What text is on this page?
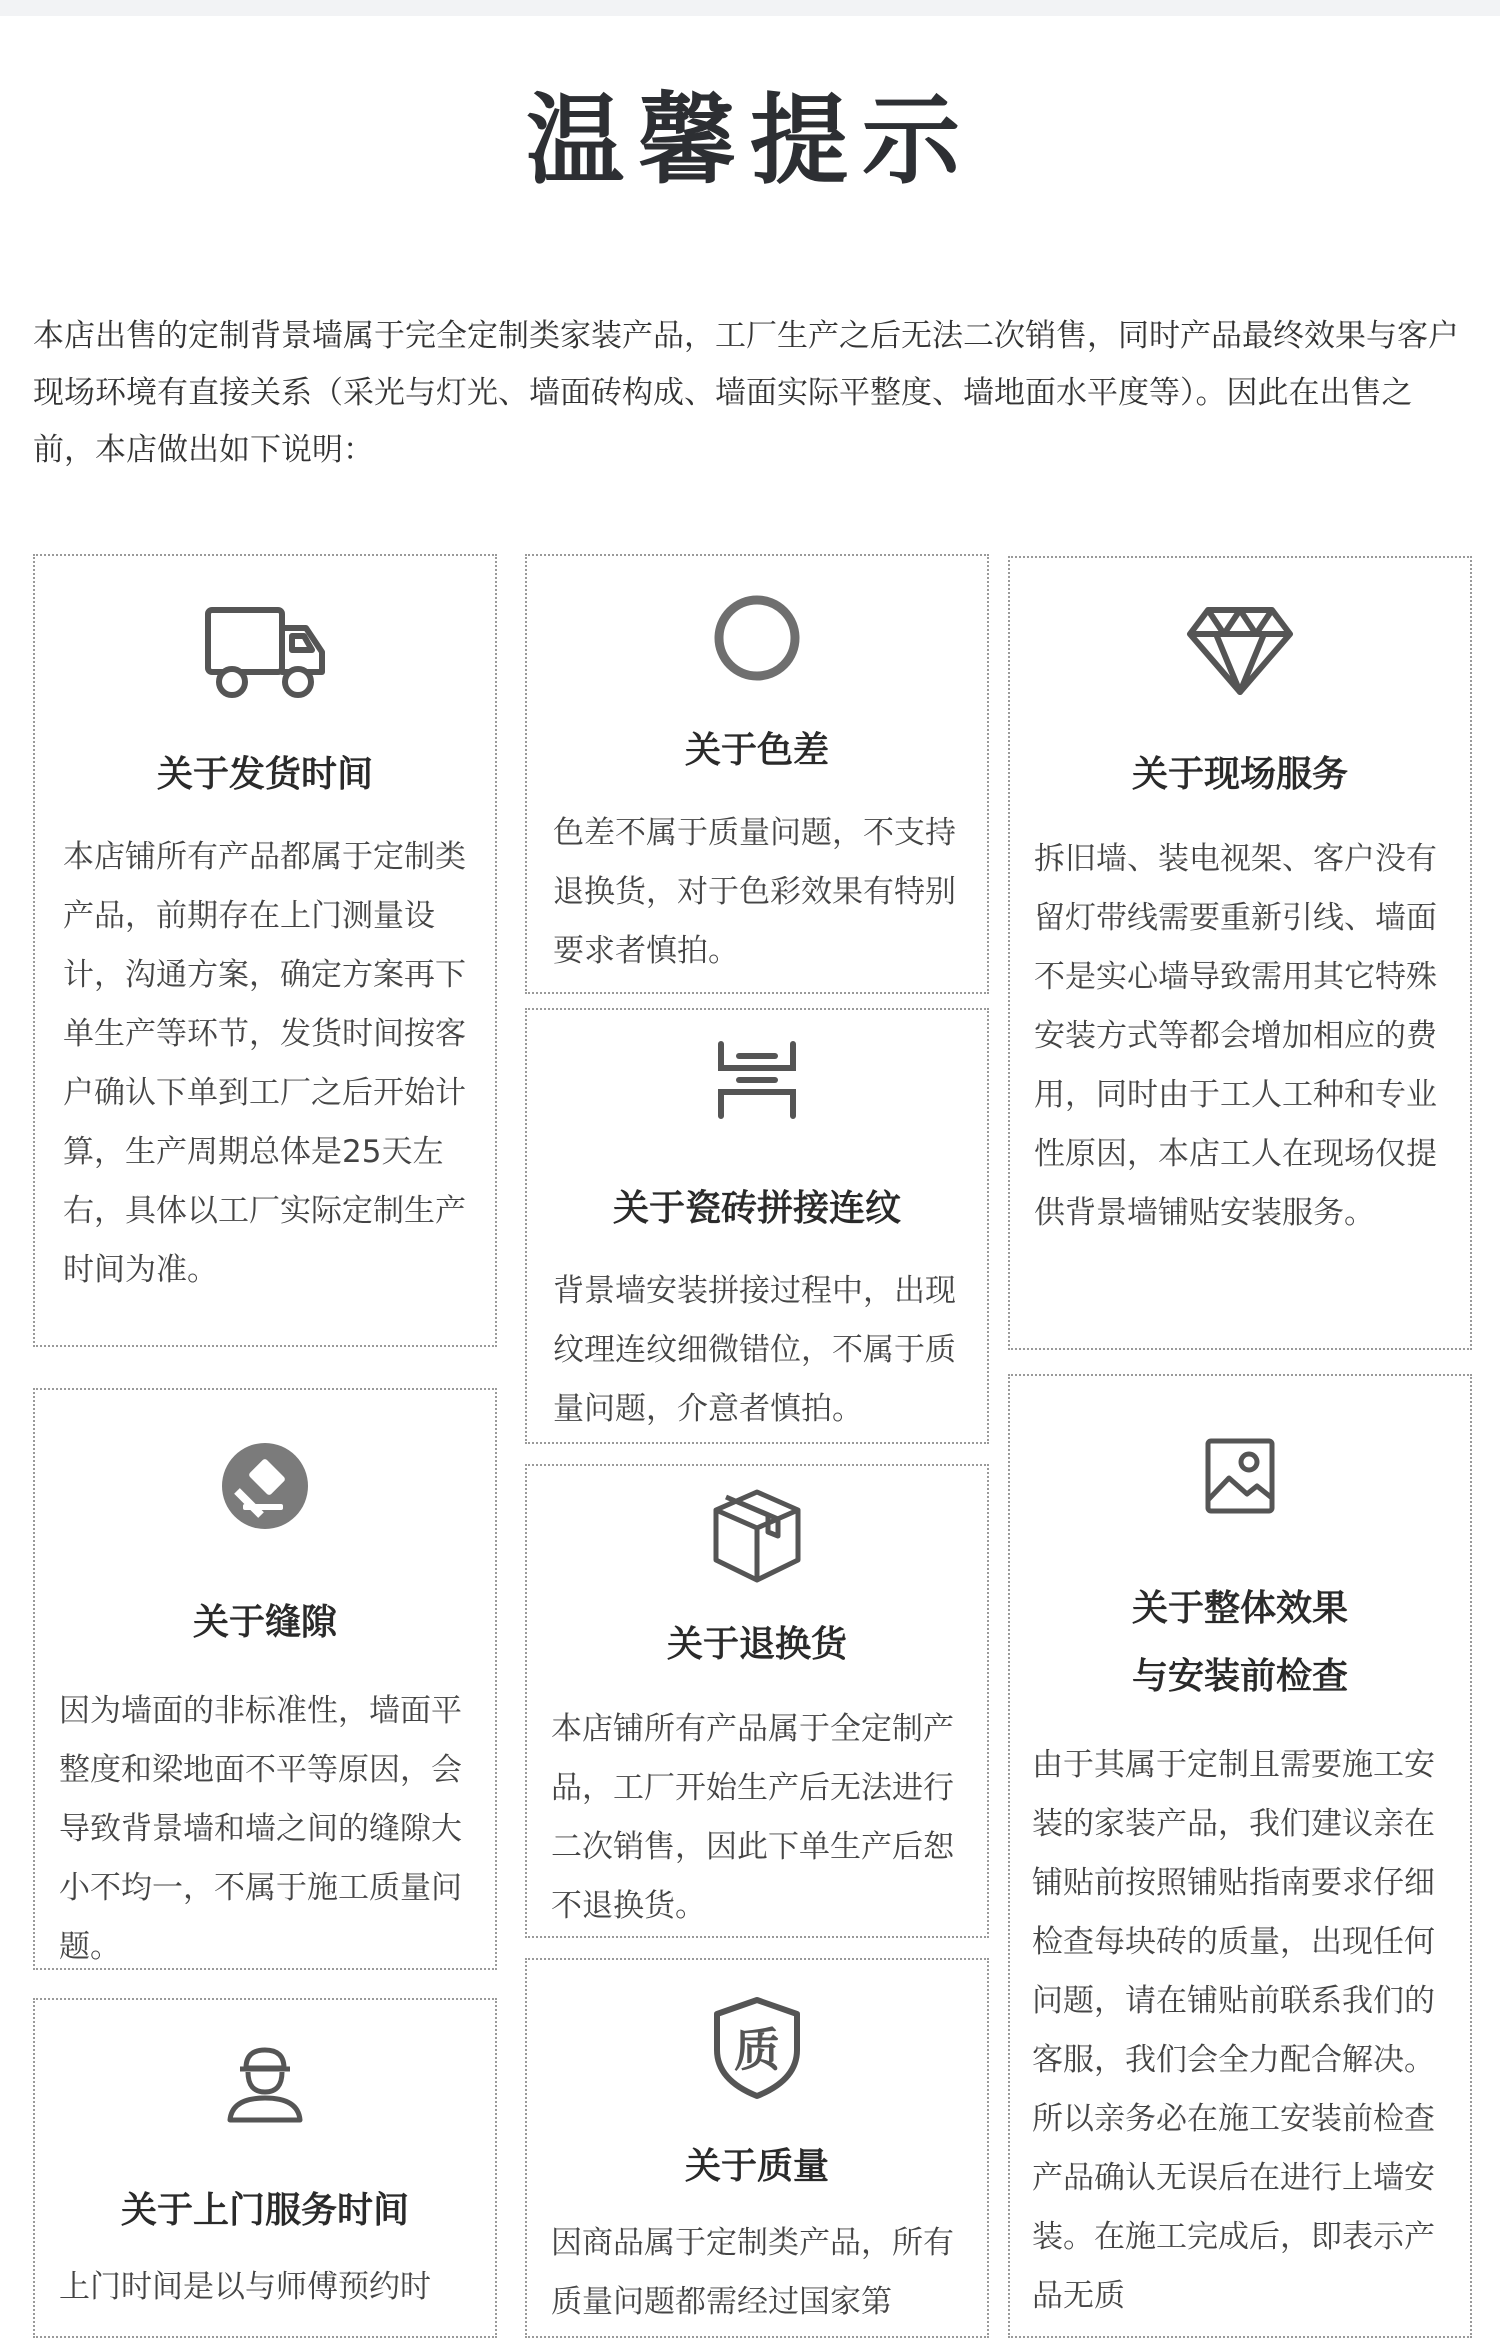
温馨提示
本店出售的定制背景墙属于完全定制类家装产品，工厂生产之后无法二次销售，同时产品最终效果与客户现场环境有直接关系（采光与灯光、墙面砖构成、墙面实际平整度、墙地面水平度等）。因此在出售之前，本店做出如下说明：
关于发货时间

本店铺所有产品都属于定制类产品，前期存在上门测量设计，沟通方案，确定方案再下单生产等环节，发货时间按客户确认下单到工厂之后开始计算，生产周期总体是25天左右，具体以工厂实际定制生产时间为准。

关于缝隙

因为墙面的非标准性，墙面平整度和梁地面不平等原因，会导致背景墙和墙之间的缝隙大小不均一，不属于施工质量问题。

关于上门服务时间

上门时间是以与师傅预约时

关于色差

色差不属于质量问题，不支持退换货，对于色彩效果有特别要求者慎拍。

关于瓷砖拼接连纹

背景墙安装拼接过程中，出现纹理连纹细微错位，不属于质量问题，介意者慎拍。

关于退换货

本店铺所有产品属于全定制产品，工厂开始生产后无法进行二次销售，因此下单生产后恕不退换货。

质
关于质量

因商品属于定制类产品，所有质量问题都需经过国家第

关于现场服务

拆旧墙、装电视架、客户没有留灯带线需要重新引线、墙面不是实心墙导致需用其它特殊安装方式等都会增加相应的费用，同时由于工人工种和专业性原因，本店工人在现场仅提供背景墙铺贴安装服务。

关于整体效果
与安装前检查

由于其属于定制且需要施工安装的家装产品，我们建议亲在铺贴前按照铺贴指南要求仔细检查每块砖的质量，出现任何问题，请在铺贴前联系我们的客服，我们会全力配合解决。所以亲务必在施工安装前检查产品确认无误后在进行上墙安装。在施工完成后，即表示产品无质
